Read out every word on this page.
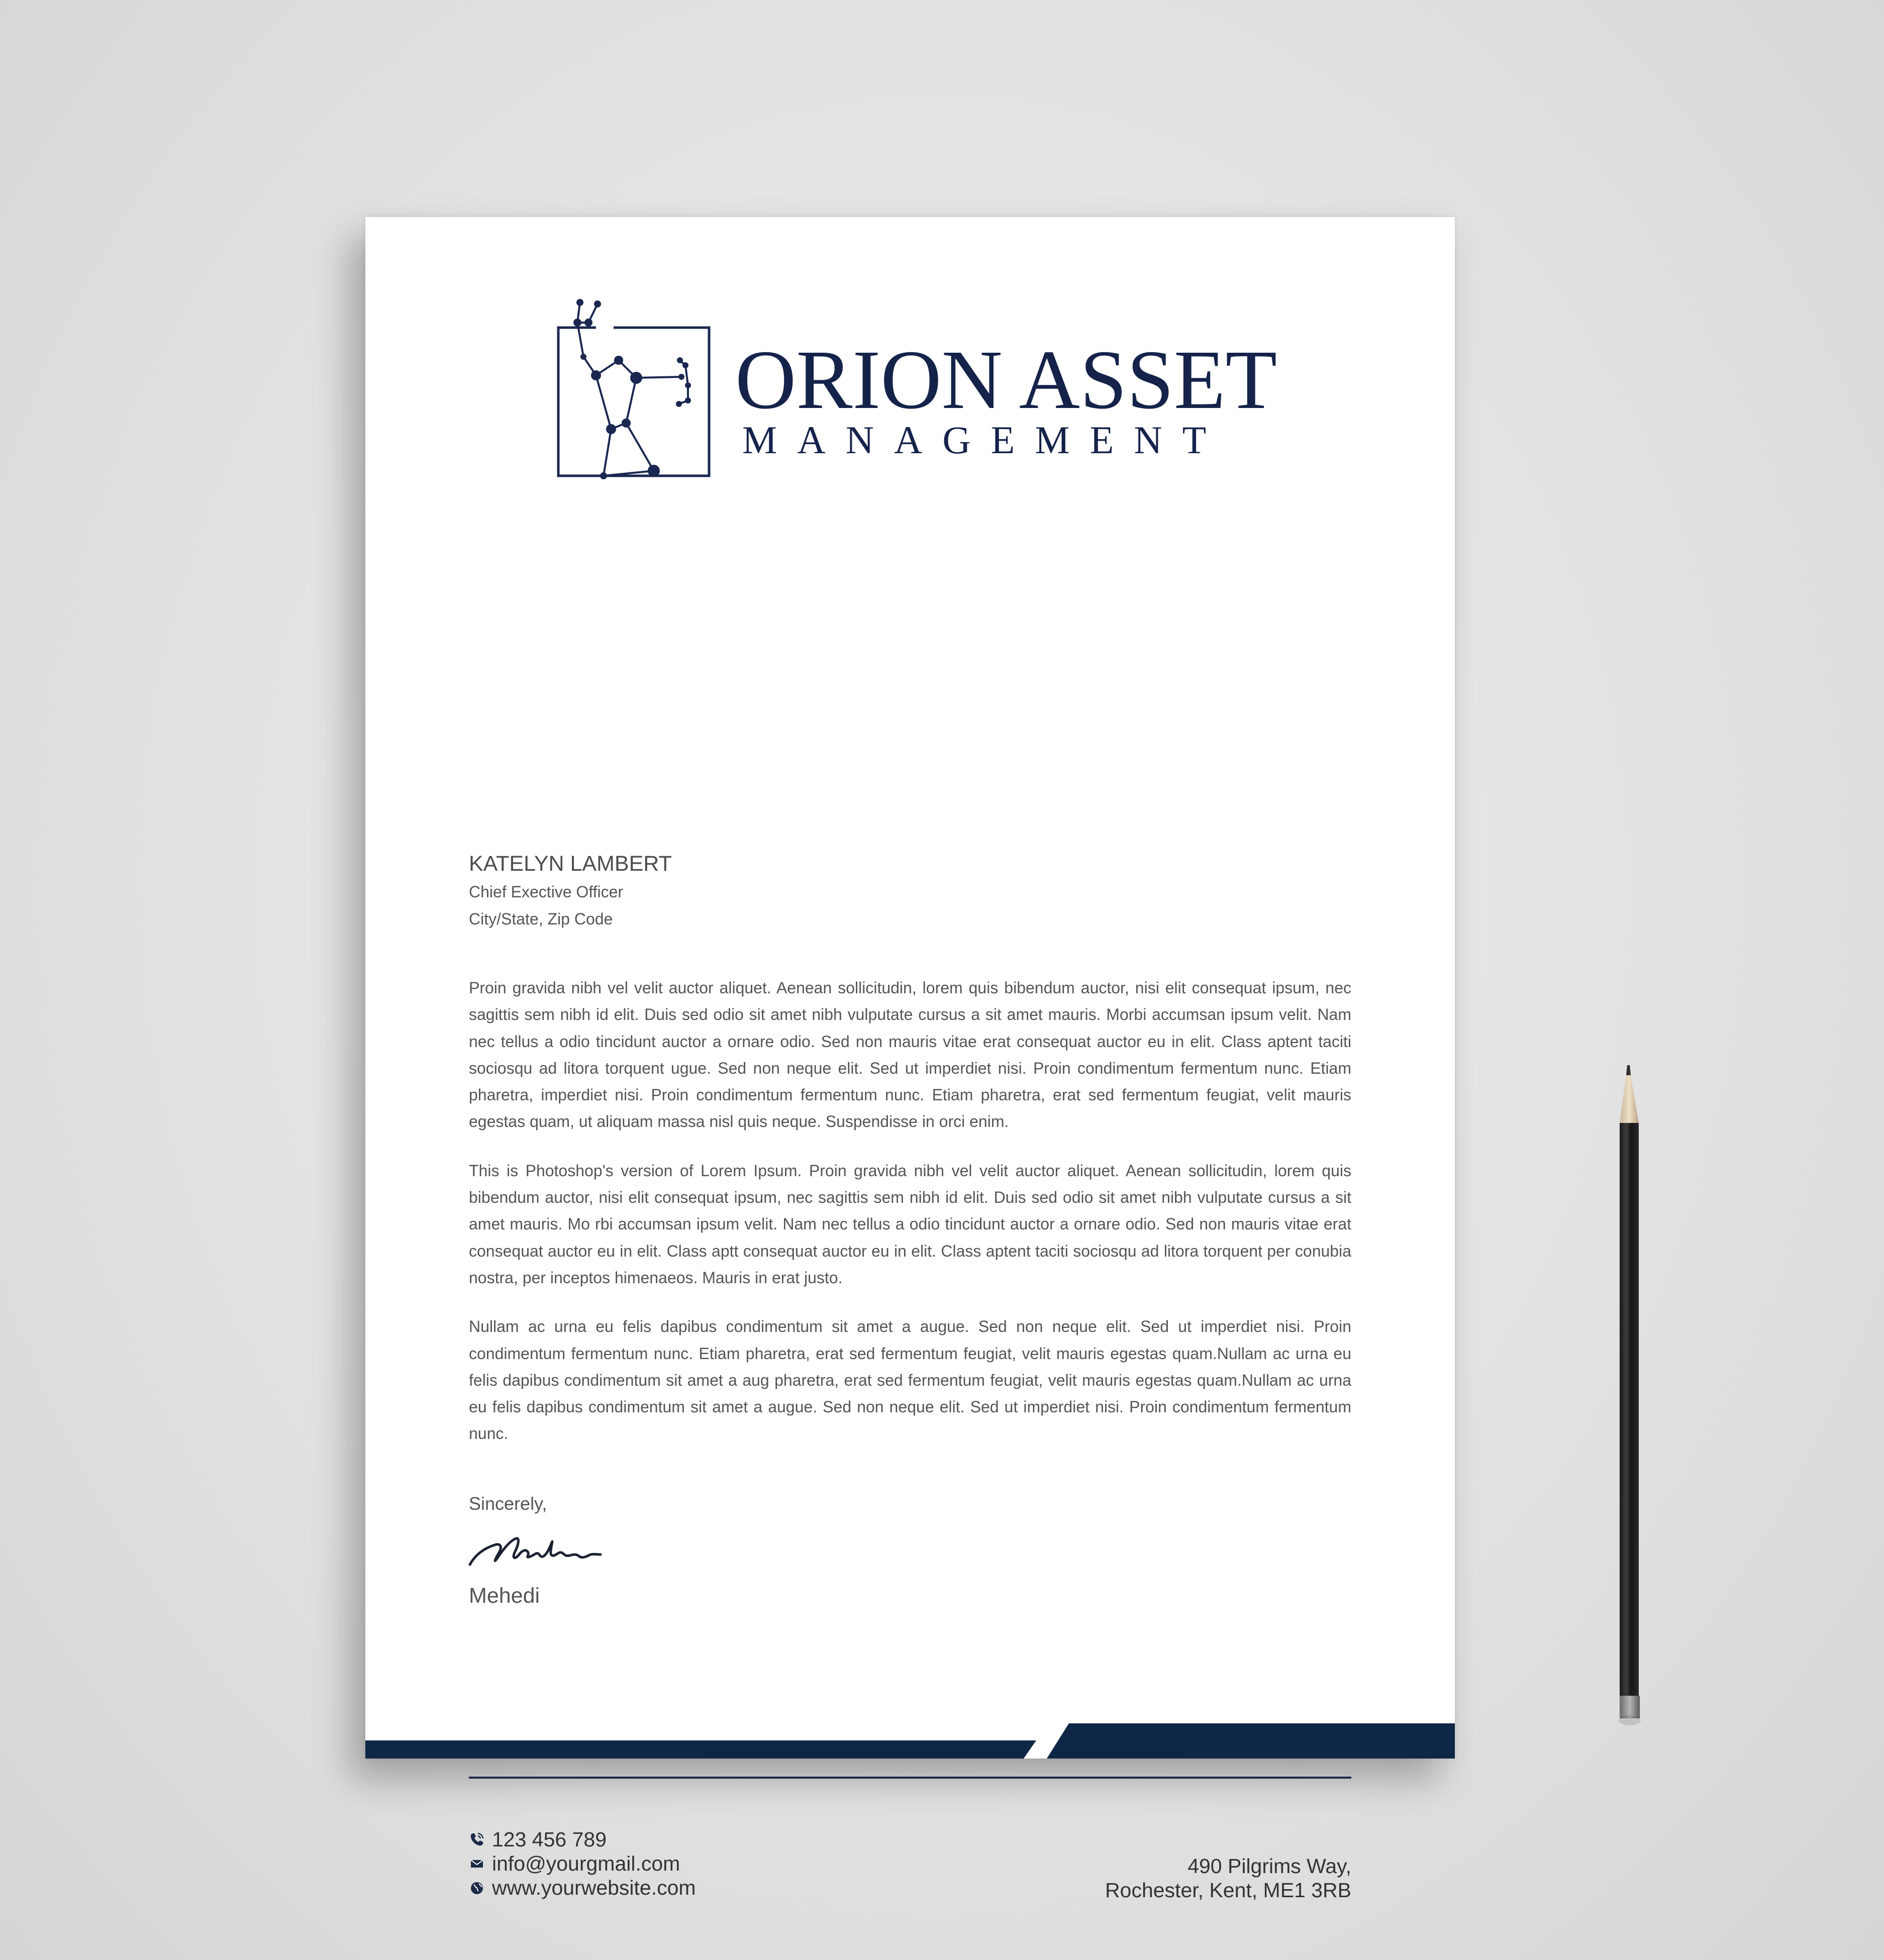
ORION ASSET
MANAGEMENT
KATELYN LAMBERT
Chief Exective Officer
City/State, Zip Code

Proin gravida nibh vel velit auctor aliquet. Aenean sollicitudin, lorem quis bibendum auctor, nisi elit consequat ipsum, nec sagittis sem nibh id elit. Duis sed odio sit amet nibh vulputate cursus a sit amet mauris. Morbi accumsan ipsum velit. Nam nec tellus a odio tincidunt auctor a ornare odio. Sed non mauris vitae erat consequat auctor eu in elit. Class aptent taciti sociosqu ad litora torquent ugue. Sed non neque elit. Sed ut imperdiet nisi. Proin condimentum fermentum nunc. Etiam pharetra, imperdiet nisi. Proin condimentum fermentum nunc. Etiam pharetra, erat sed fermentum feugiat, velit mauris egestas quam, ut aliquam massa nisl quis neque. Suspendisse in orci enim.

This is Photoshop's version of Lorem Ipsum. Proin gravida nibh vel velit auctor aliquet. Aenean sollicitudin, lorem quis bibendum auctor, nisi elit consequat ipsum, nec sagittis sem nibh id elit. Duis sed odio sit amet nibh vulputate cursus a sit amet mauris. Mo rbi accumsan ipsum velit. Nam nec tellus a odio tincidunt auctor a ornare odio. Sed non mauris vitae erat consequat auctor eu in elit. Class aptt consequat auctor eu in elit. Class aptent taciti sociosqu ad litora torquent per conubia nostra, per inceptos himenaeos. Mauris in erat justo.

Nullam ac urna eu felis dapibus condimentum sit amet a augue. Sed non neque elit. Sed ut imperdiet nisi. Proin condimentum fermentum nunc. Etiam pharetra, erat sed fermentum feugiat, velit mauris egestas quam.Nullam ac urna eu felis dapibus condimentum sit amet a aug pharetra, erat sed fermentum feugiat, velit mauris egestas quam.Nullam ac urna eu felis dapibus condimentum sit amet a augue. Sed non neque elit. Sed ut imperdiet nisi. Proin condimentum fermentum nunc.

Sincerely,
Mehedi
123 456 789
info@yourgmail.com
www.yourwebsite.com
490 Pilgrims Way,
Rochester, Kent, ME1 3RB
